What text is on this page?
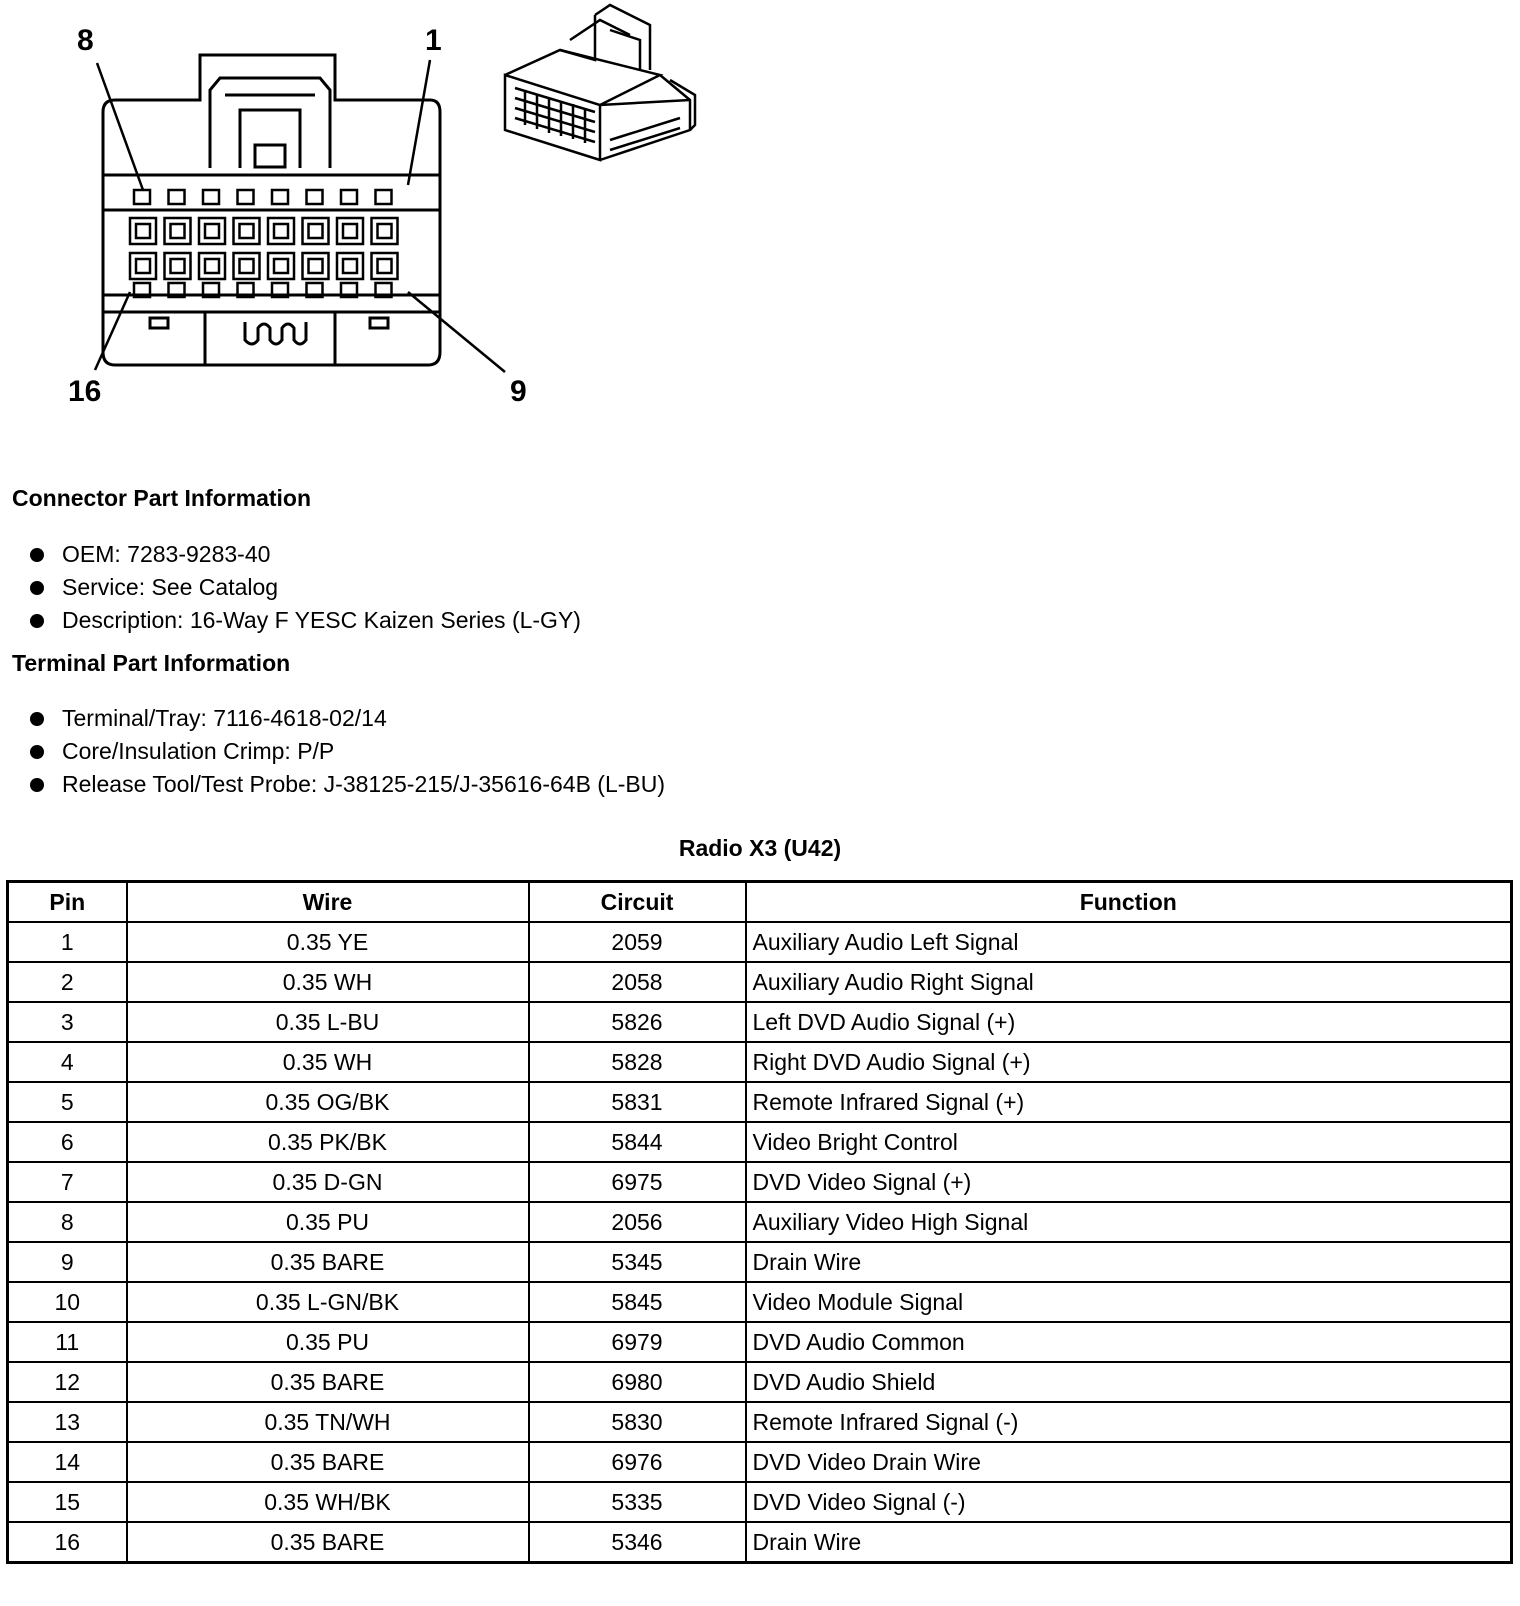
8	1
16	9
Connector Part Information
OEM: 7283-9283-40
Service: See Catalog
Description: 16-Way F YESC Kaizen Series (L-GY)
Terminal Part Information
Terminal/Tray: 7116-4618-02/14
Core/Insulation Crimp: P/P
Release Tool/Test Probe: J-38125-215/J-35616-64B (L-BU)
Radio X3 (U42)
Pin	Wire	Circuit	Function
1	0.35 YE	2059	Auxiliary Audio Left Signal
2	0.35 WH	2058	Auxiliary Audio Right Signal
3	0.35 L-BU	5826	Left DVD Audio Signal (+)
4	0.35 WH	5828	Right DVD Audio Signal (+)
5	0.35 OG/BK	5831	Remote Infrared Signal (+)
6	0.35 PK/BK	5844	Video Bright Control
7	0.35 D-GN	6975	DVD Video Signal (+)
8	0.35 PU	2056	Auxiliary Video High Signal
9	0.35 BARE	5345	Drain Wire
10	0.35 L-GN/BK	5845	Video Module Signal
11	0.35 PU	6979	DVD Audio Common
12	0.35 BARE	6980	DVD Audio Shield
13	0.35 TN/WH	5830	Remote Infrared Signal (-)
14	0.35 BARE	6976	DVD Video Drain Wire
15	0.35 WH/BK	5335	DVD Video Signal (-)
16	0.35 BARE	5346	Drain Wire
